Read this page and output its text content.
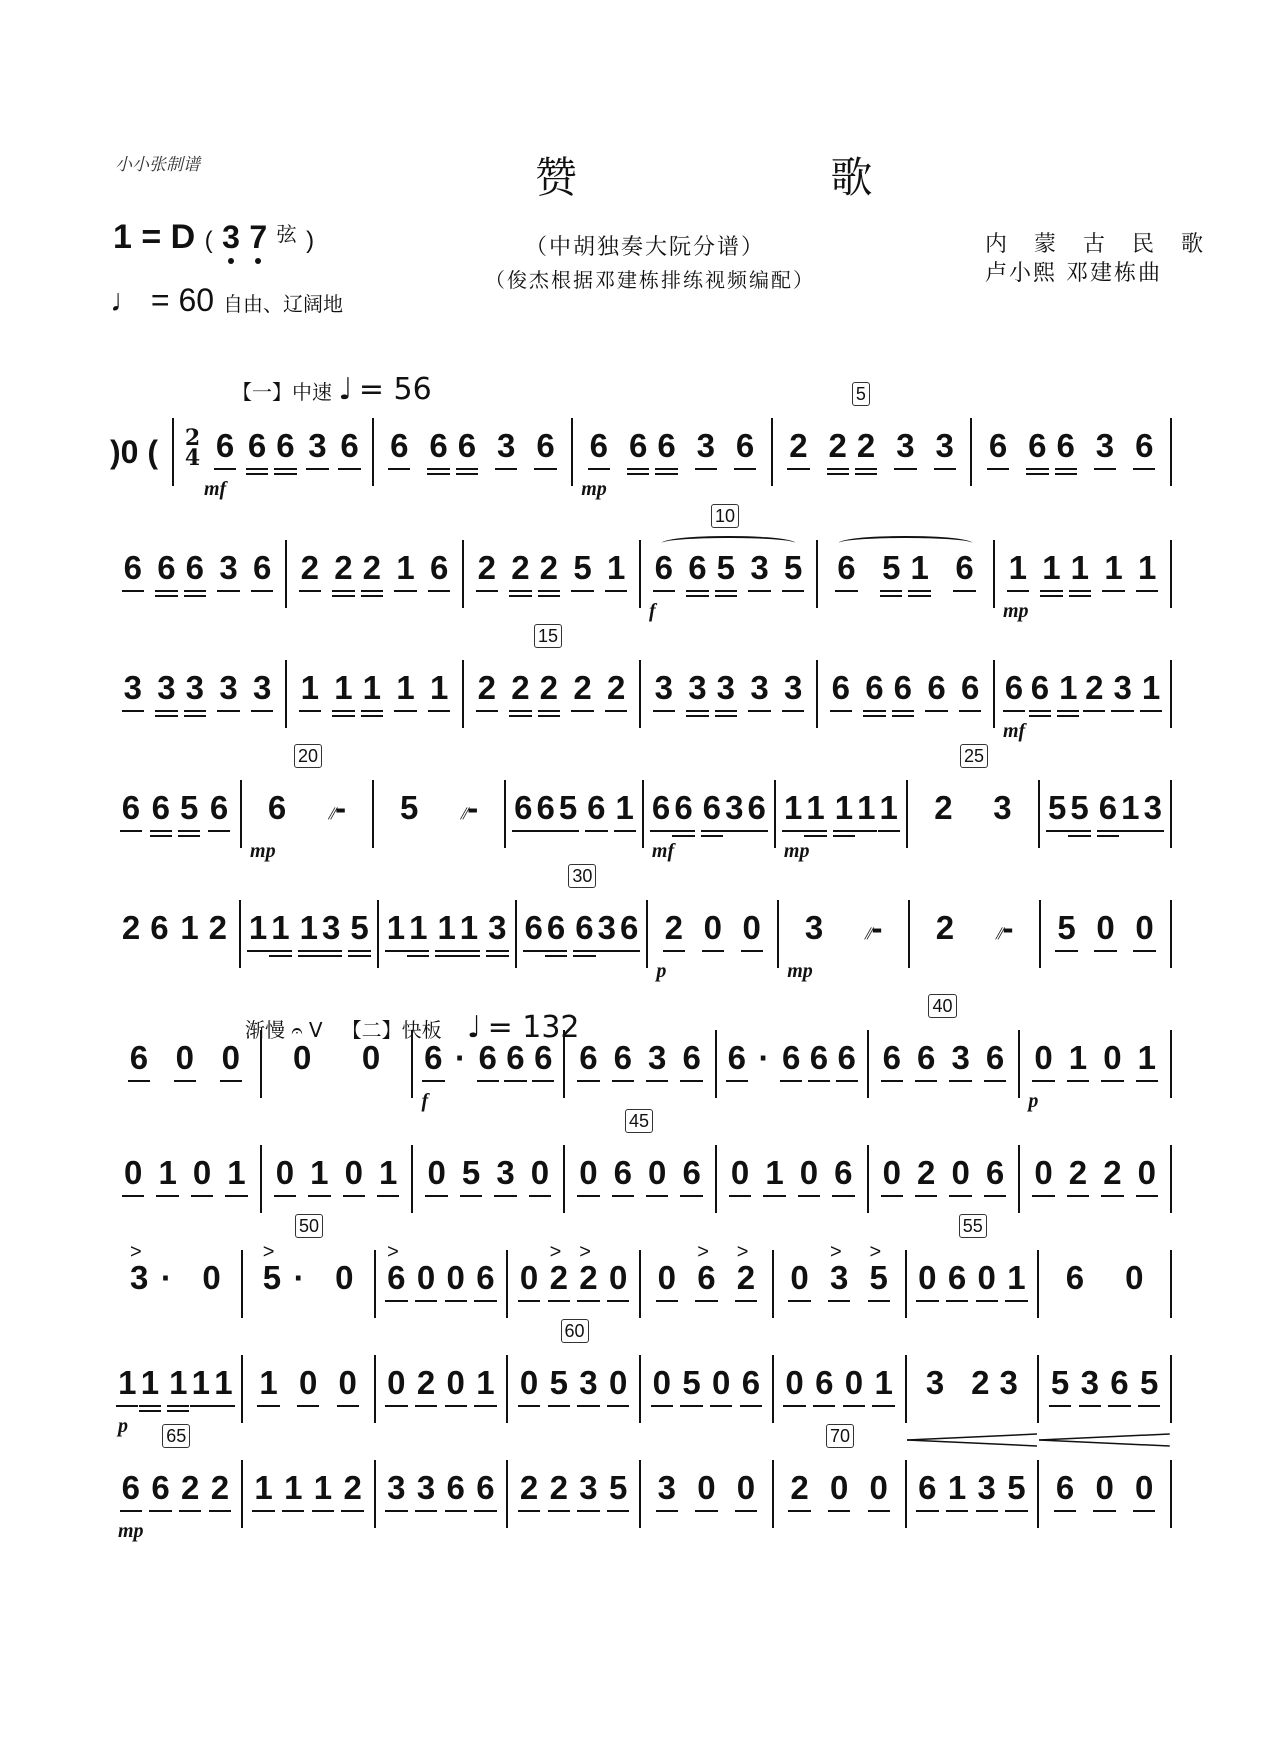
小小张制谱	赞 歌
1 = D ( 3 7 $^弦$ )
♩ = 60 自由、辽阔地
（中胡独奏大阮分谱）
（俊杰根据邓建栋排练视频编配）
内 蒙 古 民 歌
卢小熙 邓建栋曲
【一】中速 ♩ = 56
渐慢 𝄐 V 【二】快板 ♩ = 132
)0 ( 2
4 6 6 6 3 6
mf
6 6 6 3 6 6 6 6 3 6
mp
2 2 2 3 3
5
6 6 6 3 6
6 6 6 3 6 2 2 2 1 6 2 2 2 5 1 6 6 5 3 5
f
10
6 5 1 6 1 1 1 1 1
mp
3 3 3 3 3 1 1 1 1 1 2 2 2 2 2
15
3 3 3 3 3 6 6 6 6 6 6 6 1 2 3 1
mf
6 6 5 6 6	⫽-
mp
20
5	⫽- 6 6 5 6 1 6 6 6 3 6
mf
1 1 1 1 1
mp
2 3
25
5 5 6 1 3
2 6 1 2 1 1 1 3 5 1 1 1 1 3 6 6 6 3 6
30
2 0 0
p
3	⫽-
mp
2	⫽- 5 0 0
6 0 0 0 0 6 · 6 6 6
f
6 6 3 6 6 · 6 6 6 6 6 3 6
40
0 1 0 1
p
0 1 0 1 0 1 0 1 0 5 3 0 0 6 0 6
45
0 1 0 6 0 2 0 6 0 2 2 0
3
>
· 0 5
>
· 0
50
6
>
0 0 6 0 2
>
2
>
0 0 6
>
2
>
0 3
>
5
>
0 6 0 1
55
6 0
1 1 1 1 1
p
1 0 0 0 2 0 1 0 5 3 0
60
0 5 0 6 0 6 0 1 3 2 3 5 3 6 5
6 6 2 2
mp
65
1 1 1 2 3 3 6 6 2 2 3 5 3 0 0 2 0 0
70
6 1 3 5 6 0 0
